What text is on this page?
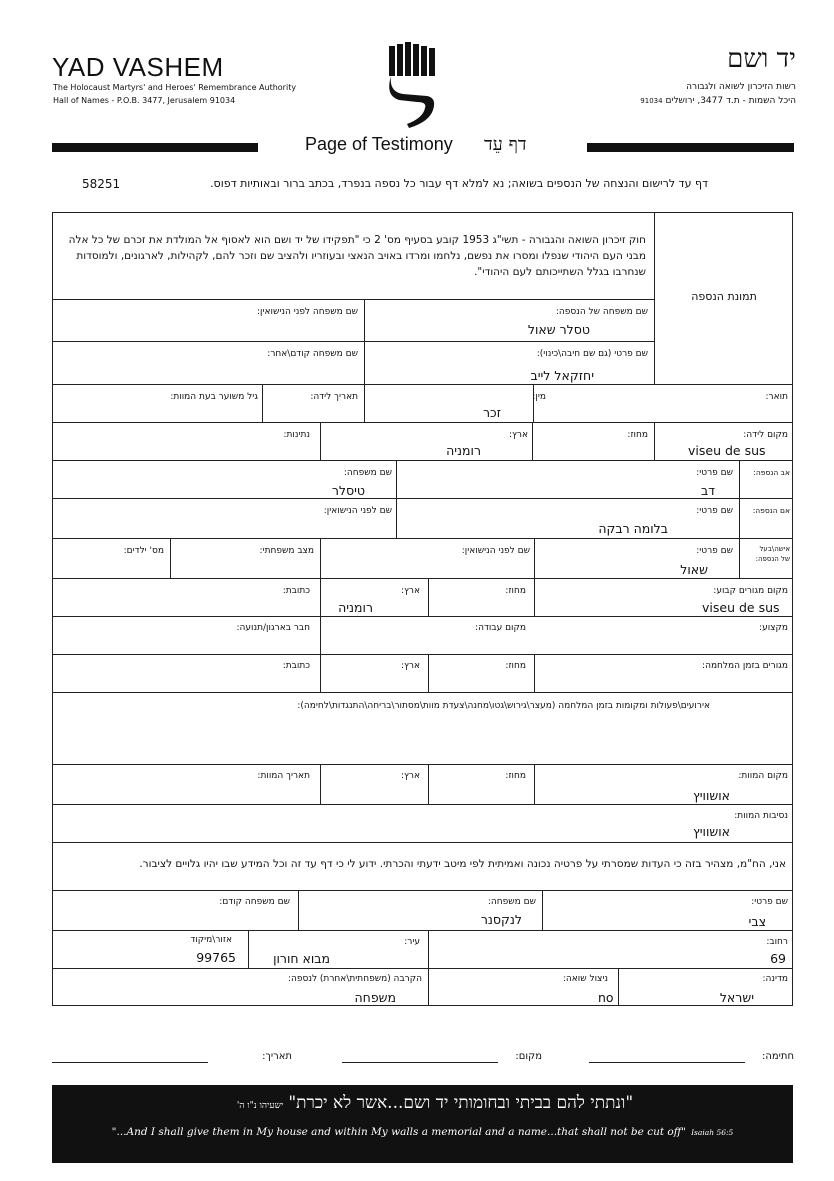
YAD VASHEM
The Holocaust Martyrs' and Heroes' Remembrance Authority
Hall of Names - P.O.B. 3477, Jerusalem 91034
יד ושם
רשות הזיכרון לשואה ולגבורה
היכל השמות - ת.ד 3477, ירושלים 91034
Page of Testimony דף עֵד
דף עד לרישום והנצחה של הנספים בשואה; נא למלא דף עבור כל נספה בנפרד, בכתב ברור ובאותיות דפוס.
58251
חוק זיכרון השואה והגבורה - תשי"ג 1953 קובע בסעיף מס' 2 כי "תפקידו של יד ושם הוא לאסוף אל המולדת את זכרם של כל אלה מבני העם היהודי שנפלו ומסרו את נפשם, נלחמו ומרדו באויב הנאצי ובעוזריו ולהציב שם וזכר להם, לקהילות, לארגונים, ולמוסדות שנחרבו בגלל השתייכותם לעם היהודי".
תמונת הנספה
שם משפחה של הנספה:
טסלר שאול
שם משפחה לפני הנישואין:
שם פרטי (גם שם חיבה\כינוי):
יחזקאל לייב
שם משפחה קודם\אחר:
תואר:
מין:
זכר
תאריך לידה:
גיל משוער בעת המוות:
מקום לידה:
viseu de sus
מחוז:
ארץ:
רומניה
נתינות:
אב הנספה:
שם פרטי:
דב
שם משפחה:
טיסלר
אם הנספה:
שם פרטי:
בלומה רבקה
שם לפני הנישואין:
אישה\בעל של הנספה:
שם פרטי:
שאול
שם לפני הנישואין:
מצב משפחתי:
מס' ילדים:
מקום מגורים קבוע:
viseu de sus
מחוז:
ארץ:
רומניה
כתובת:
מקצוע:
מקום עבודה:
חבר בארגון/תנועה:
מגורים בזמן המלחמה:
מחוז:
ארץ:
כתובת:
אירועים\פעולות ומקומות בזמן המלחמה (מעצר\גירוש\גטו\מחנה\צעדת מוות\מסתור\בריחה\התנגדות\לחימה):
מקום המוות:
אושוויץ
מחוז:
ארץ:
תאריך המוות:
נסיבות המוות:
אושוויץ
אני, הח"מ, מצהיר בזה כי העדות שמסרתי על פרטיה נכונה ואמיתית לפי מיטב ידעתי והכרתי. ידוע לי כי דף עד זה וכל המידע שבו יהיו גלויים לציבור.
שם פרטי:
צבי
שם משפחה:
לנקסנר
שם משפחה קודם:
רחוב:
69
עיר:
מבוא חורון
אזור\מיקוד
99765
מדינה:
ישראל
ניצול שואה:
no
הקרבה (משפחתית\אחרת) לנספה:
משפחה
חתימה:
מקום:
תאריך:
"ונתתי להם בביתי ובחומותי יד ושם...אשר לא יכרת" ישעיהו נ"ו ה'
"...And I shall give them in My house and within My walls a memorial and a name...that shall not be cut off" Isaiah 56:5
